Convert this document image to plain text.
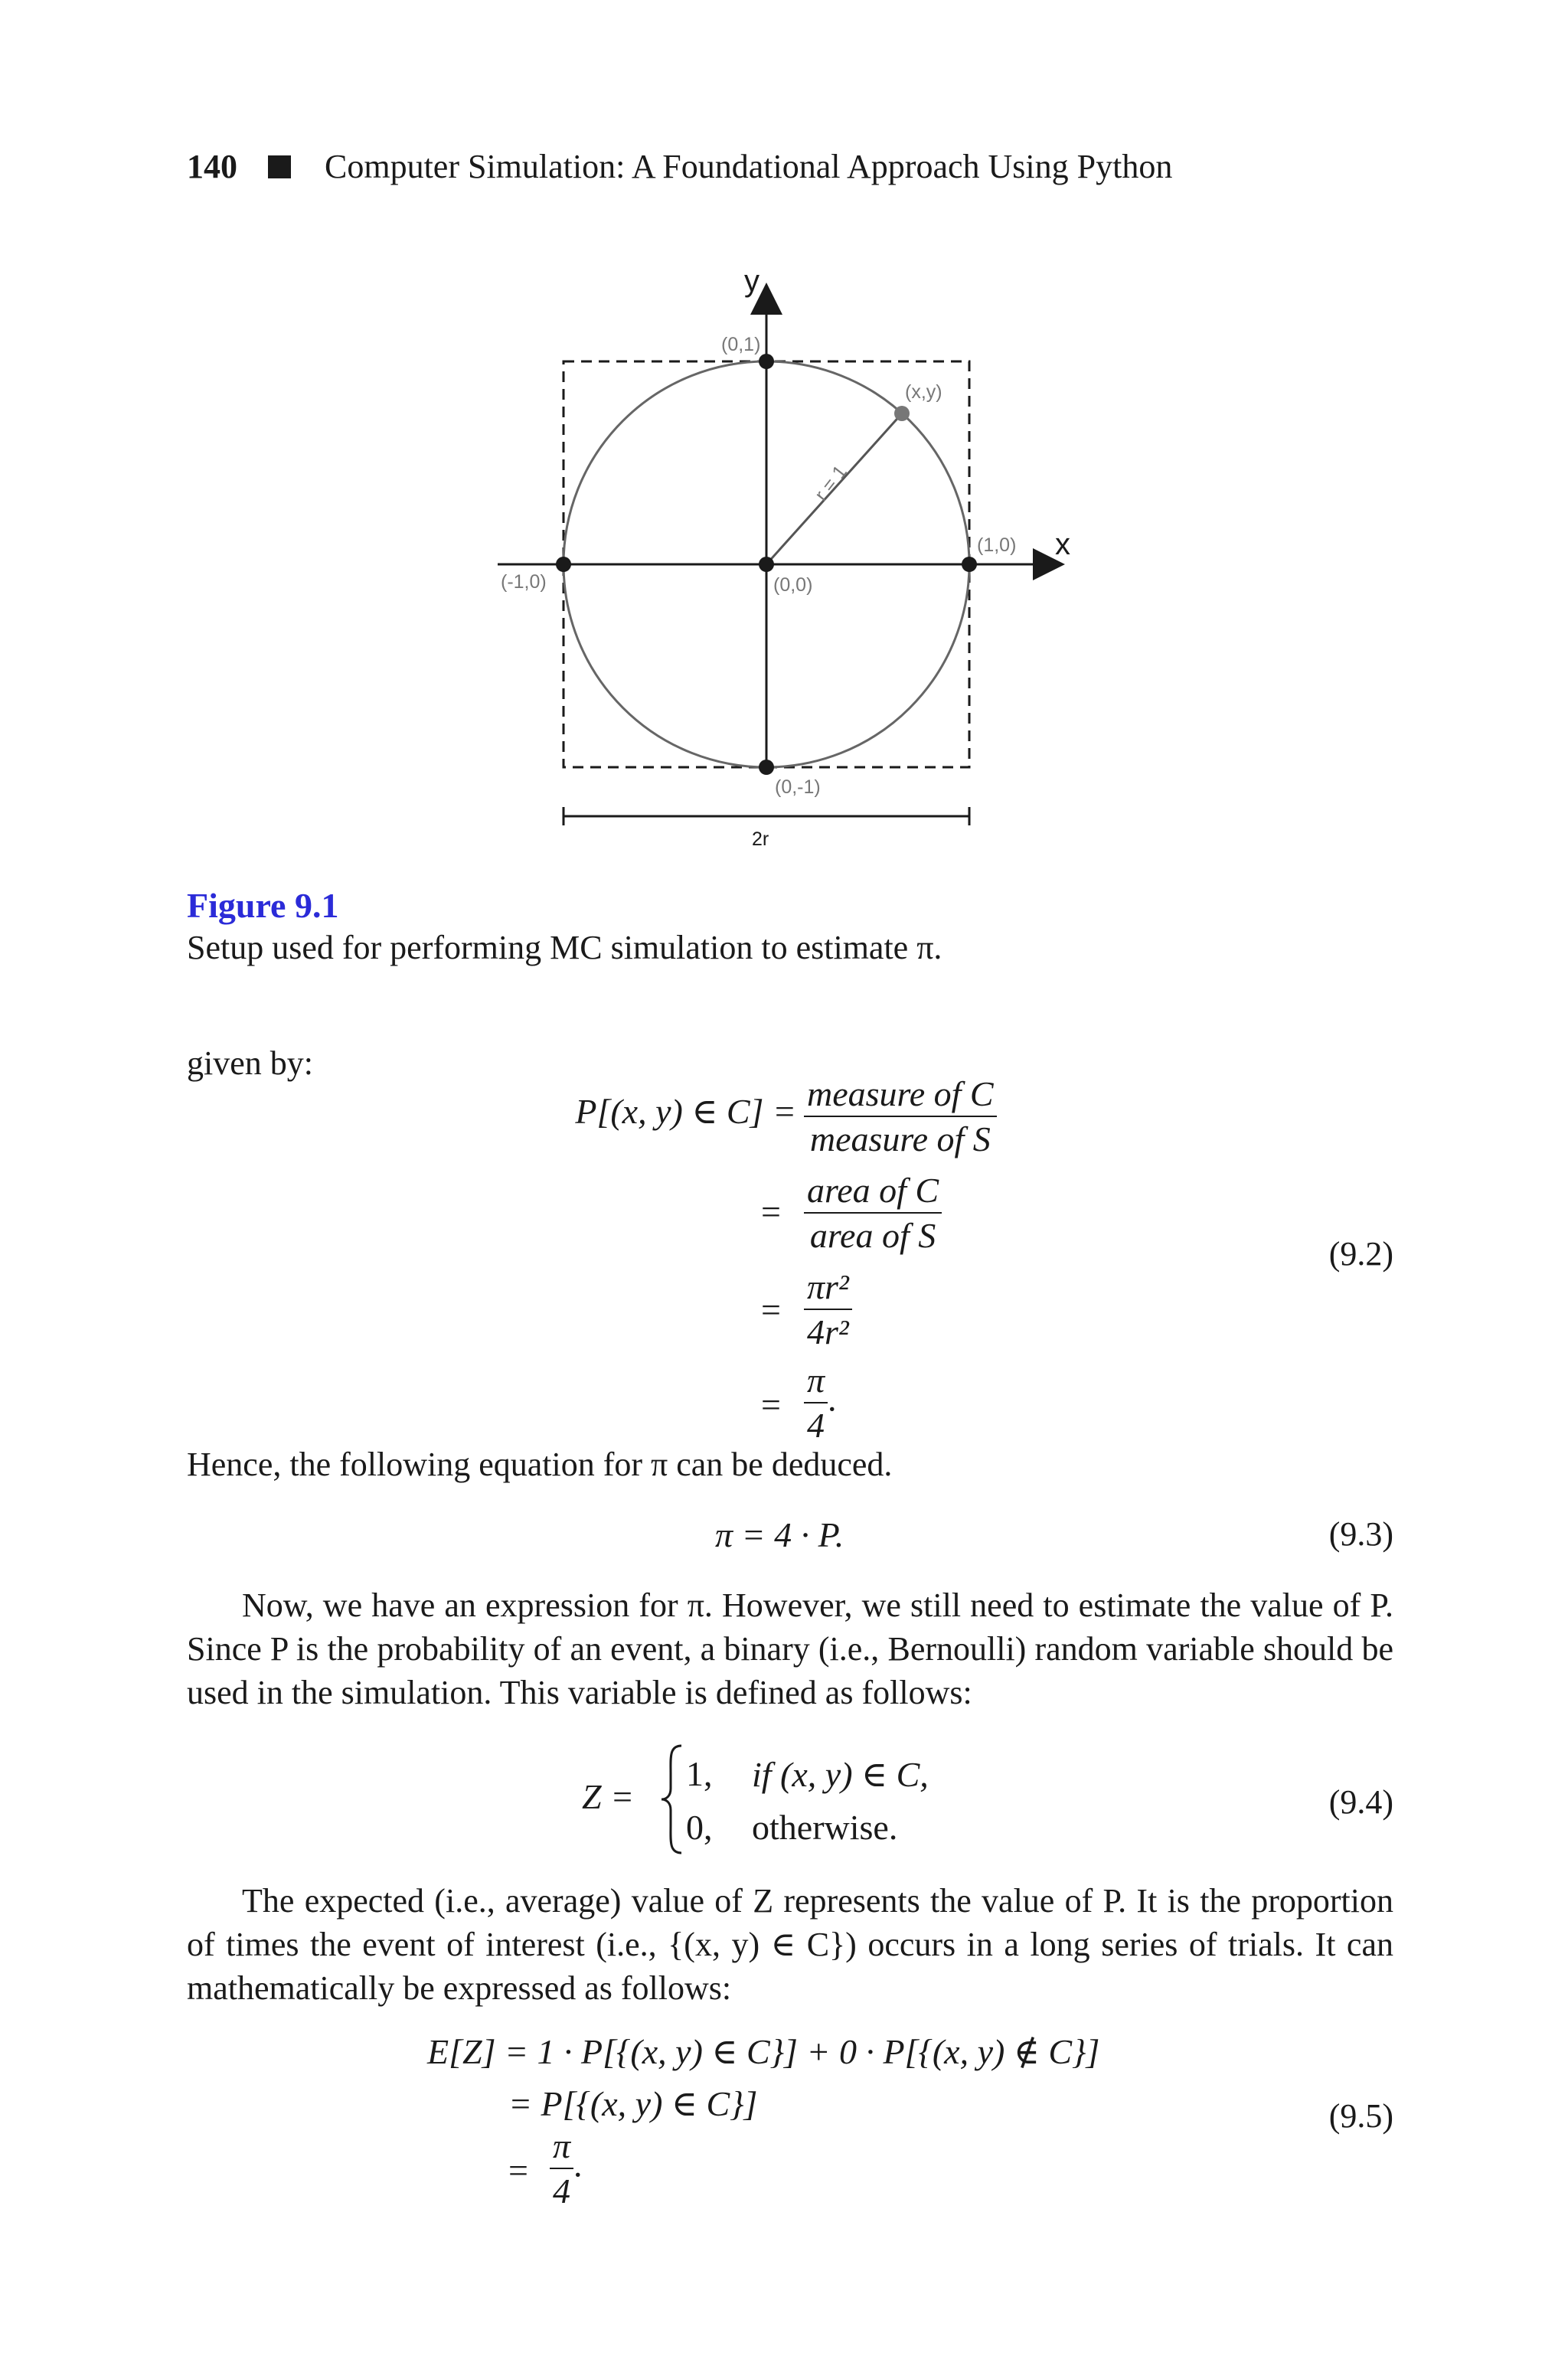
140	Computer Simulation: A Foundational Approach Using Python
y
x
(0,1)
(x,y)
r = 1
(1,0)
(-1,0)	(0,0)
(0,-1)
2r
Figure 9.1
Setup used for performing MC simulation to estimate π.
given by:
P[(x, y) ∈ $C] = \frac{\text{measure of C}}{\text{measure of S}}$
= $\frac{\text{area of C}}{\text{area of S}}$
= $\frac{\text{πr²}}{\text{4r²}}$
= $\frac{\pi}{4}$ .
(9.2)
Hence, the following equation for π can be deduced.
π = 4 · P.	(9.3)
Now, we have an expression for π. However, we still need to estimate the value of P. Since P is the probability of an event, a binary (i.e., Bernoulli) random variable should be used in the simulation. This variable is defined as follows:
Z =
1, if (x, y) ∈ C,
0, otherwise.
(9.4)
The expected (i.e., average) value of Z represents the value of P. It is the proportion of times the event of interest (i.e., {(x, y) ∈ C}) occurs in a long series of trials. It can mathematically be expressed as follows:
E[Z] = 1 · P[{(x, y) ∈ C}] + 0 · P[{(x, y) ∉ C}]
= P[{(x, y) ∈ C}]
= $\frac{\pi}{4}$ .
(9.5)
